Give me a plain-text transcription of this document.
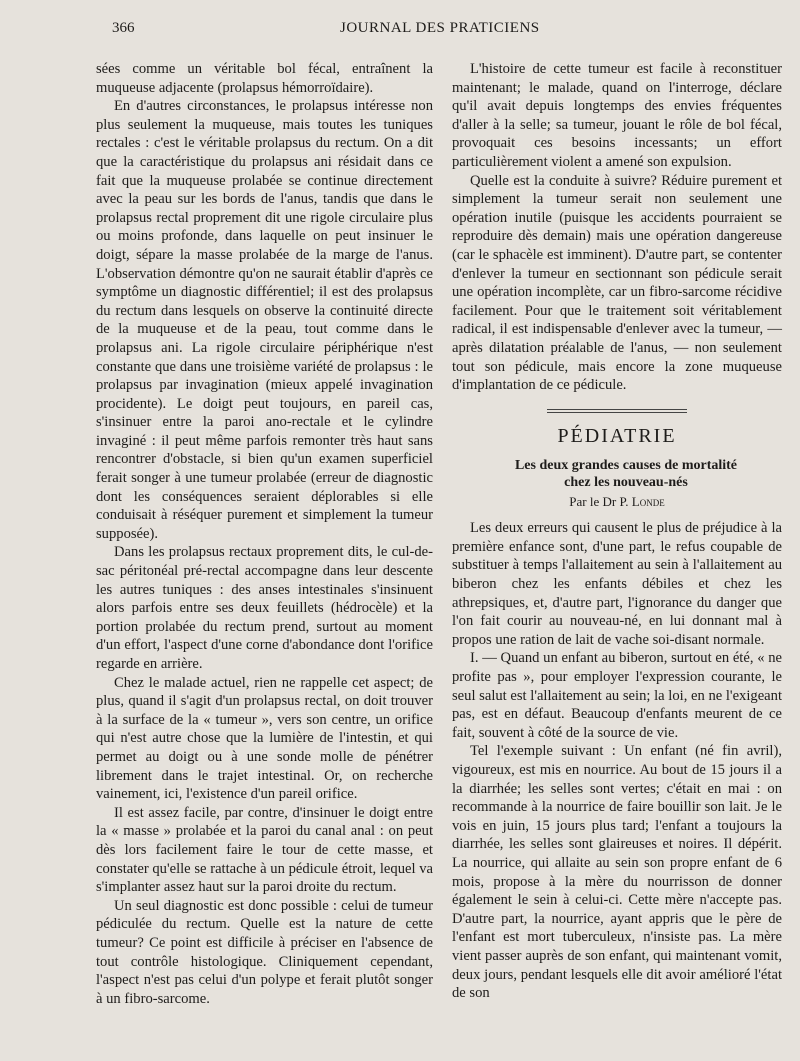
366	JOURNAL DES PRATICIENS

sées comme un véritable bol fécal, entraînent la muqueuse adjacente (prolapsus hémorroïdaire).

En d'autres circonstances, le prolapsus intéresse non plus seulement la muqueuse, mais toutes les tuniques rectales : c'est le véritable prolapsus du rectum. On a dit que la caractéristique du prolapsus ani résidait dans ce fait que la muqueuse prolabée se continue directement avec la peau sur les bords de l'anus, tandis que dans le prolapsus rectal proprement dit une rigole circulaire plus ou moins profonde, dans laquelle on peut insinuer le doigt, sépare la masse prolabée de la marge de l'anus. L'observation démontre qu'on ne saurait établir d'après ce symptôme un diagnostic différentiel; il est des prolapsus du rectum dans lesquels on observe la continuité directe de la muqueuse et de la peau, tout comme dans le prolapsus ani. La rigole circulaire périphérique n'est constante que dans une troisième variété de prolapsus : le prolapsus par invagination (mieux appelé invagination procidente). Le doigt peut toujours, en pareil cas, s'insinuer entre la paroi ano-rectale et le cylindre invaginé : il peut même parfois remonter très haut sans rencontrer d'obstacle, si bien qu'un examen superficiel ferait songer à une tumeur prolabée (erreur de diagnostic dont les conséquences seraient déplorables si elle conduisait à réséquer purement et simplement la tumeur supposée).

Dans les prolapsus rectaux proprement dits, le cul-de-sac péritonéal pré-rectal accompagne dans leur descente les autres tuniques : des anses intestinales s'insinuent alors parfois entre ses deux feuillets (hédrocèle) et la portion prolabée du rectum prend, surtout au moment d'un effort, l'aspect d'une corne d'abondance dont l'orifice regarde en arrière.

Chez le malade actuel, rien ne rappelle cet aspect; de plus, quand il s'agit d'un prolapsus rectal, on doit trouver à la surface de la « tumeur », vers son centre, un orifice qui n'est autre chose que la lumière de l'intestin, et qui permet au doigt ou à une sonde molle de pénétrer librement dans le trajet intestinal. Or, on recherche vainement, ici, l'existence d'un pareil orifice.

Il est assez facile, par contre, d'insinuer le doigt entre la « masse » prolabée et la paroi du canal anal : on peut dès lors facilement faire le tour de cette masse, et constater qu'elle se rattache à un pédicule étroit, lequel va s'implanter assez haut sur la paroi droite du rectum.

Un seul diagnostic est donc possible : celui de tumeur pédiculée du rectum. Quelle est la nature de cette tumeur? Ce point est difficile à préciser en l'absence de tout contrôle histologique. Cliniquement cependant, l'aspect n'est pas celui d'un polype et ferait plutôt songer à un fibro-sarcome.

L'histoire de cette tumeur est facile à reconstituer maintenant; le malade, quand on l'interroge, déclare qu'il avait depuis longtemps des envies fréquentes d'aller à la selle; sa tumeur, jouant le rôle de bol fécal, provoquait ces besoins incessants; un effort particulièrement violent a amené son expulsion.

Quelle est la conduite à suivre? Réduire purement et simplement la tumeur serait non seulement une opération inutile (puisque les accidents pourraient se reproduire dès demain) mais une opération dangereuse (car le sphacèle est imminent). D'autre part, se contenter d'enlever la tumeur en sectionnant son pédicule serait une opération incomplète, car un fibro-sarcome récidive facilement. Pour que le traitement soit véritablement radical, il est indispensable d'enlever avec la tumeur, — après dilatation préalable de l'anus, — non seulement tout son pédicule, mais encore la zone muqueuse d'implantation de ce pédicule.

PÉDIATRIE

Les deux grandes causes de mortalité

chez les nouveau-nés

Par le Dr P. Londe

Les deux erreurs qui causent le plus de préjudice à la première enfance sont, d'une part, le refus coupable de substituer à temps l'allaitement au sein à l'allaitement au biberon chez les enfants débiles et chez les athrepsiques, et, d'autre part, l'ignorance du danger que l'on fait courir au nouveau-né, en lui donnant mal à propos une ration de lait de vache soi-disant normale.

I. — Quand un enfant au biberon, surtout en été, « ne profite pas », pour employer l'expression courante, le seul salut est l'allaitement au sein; la loi, en ne l'exigeant pas, est en défaut. Beaucoup d'enfants meurent de ce fait, souvent à côté de la source de vie.

Tel l'exemple suivant : Un enfant (né fin avril), vigoureux, est mis en nourrice. Au bout de 15 jours il a la diarrhée; les selles sont vertes; c'était en mai : on recommande à la nourrice de faire bouillir son lait. Je le vois en juin, 15 jours plus tard; l'enfant a toujours la diarrhée, les selles sont glaireuses et noires. Il dépérit. La nourrice, qui allaite au sein son propre enfant de 6 mois, propose à la mère du nourrisson de donner également le sein à celui-ci. Cette mère n'accepte pas. D'autre part, la nourrice, ayant appris que le père de l'enfant est mort tuberculeux, n'insiste pas. La mère vient passer auprès de son enfant, qui maintenant vomit, deux jours, pendant lesquels elle dit avoir amélioré l'état de son
